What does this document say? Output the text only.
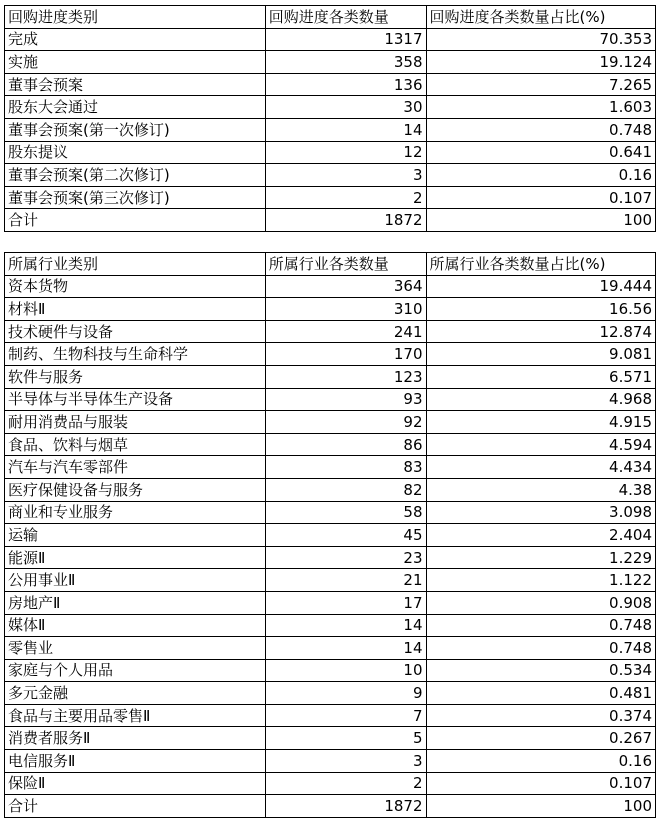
回购进度类别	回购进度各类数量	回购进度各类数量占比(%)
完成	1317	70.353
实施	358	19.124
董事会预案	136	7.265
股东大会通过	30	1.603
董事会预案(第一次修订)	14	0.748
股东提议	12	0.641
董事会预案(第二次修订)	3	0.16
董事会预案(第三次修订)	2	0.107
合计	1872	100
所属行业类别	所属行业各类数量	所属行业各类数量占比(%)
资本货物	364	19.444
材料Ⅱ	310	16.56
技术硬件与设备	241	12.874
制药、生物科技与生命科学	170	9.081
软件与服务	123	6.571
半导体与半导体生产设备	93	4.968
耐用消费品与服装	92	4.915
食品、饮料与烟草	86	4.594
汽车与汽车零部件	83	4.434
医疗保健设备与服务	82	4.38
商业和专业服务	58	3.098
运输	45	2.404
能源Ⅱ	23	1.229
公用事业Ⅱ	21	1.122
房地产Ⅱ	17	0.908
媒体Ⅱ	14	0.748
零售业	14	0.748
家庭与个人用品	10	0.534
多元金融	9	0.481
食品与主要用品零售Ⅱ	7	0.374
消费者服务Ⅱ	5	0.267
电信服务Ⅱ	3	0.16
保险Ⅱ	2	0.107
合计	1872	100
